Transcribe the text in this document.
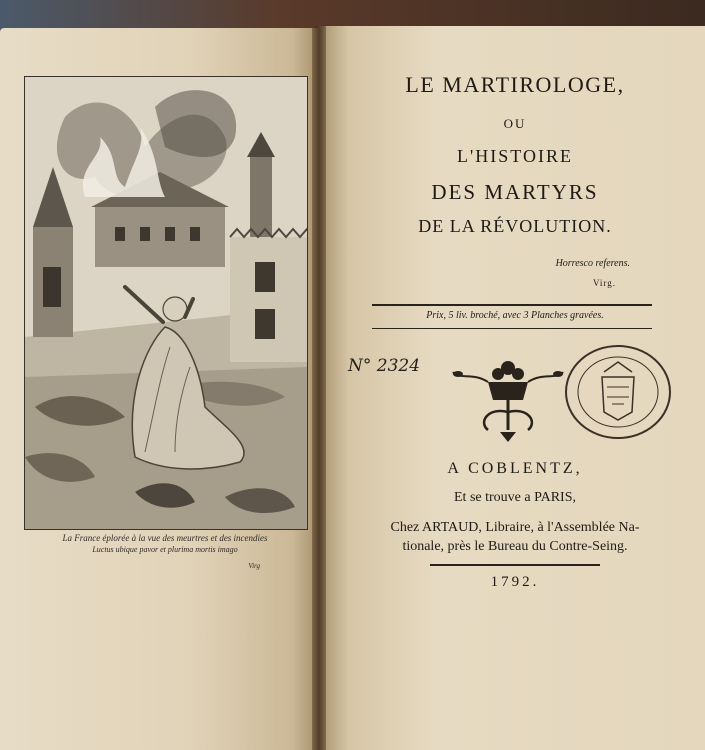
La France éplorée à la vue des meurtres et des incendies
Luctus ubique pavor et plurima mortis imago
Virg
LE MARTIROLOGE,
OU
L'HISTOIRE
DES MARTYRS
DE LA RÉVOLUTION.
Horresco referens.
Virg.
Prix, 5 liv. broché, avec 3 Planches gravées.
N° 2324
A COBLENTZ,
Et se trouve a PARIS,
Chez ARTAUD, Libraire, à l'Assemblée Na-
tionale, près le Bureau du Contre-Seing.
1792.
